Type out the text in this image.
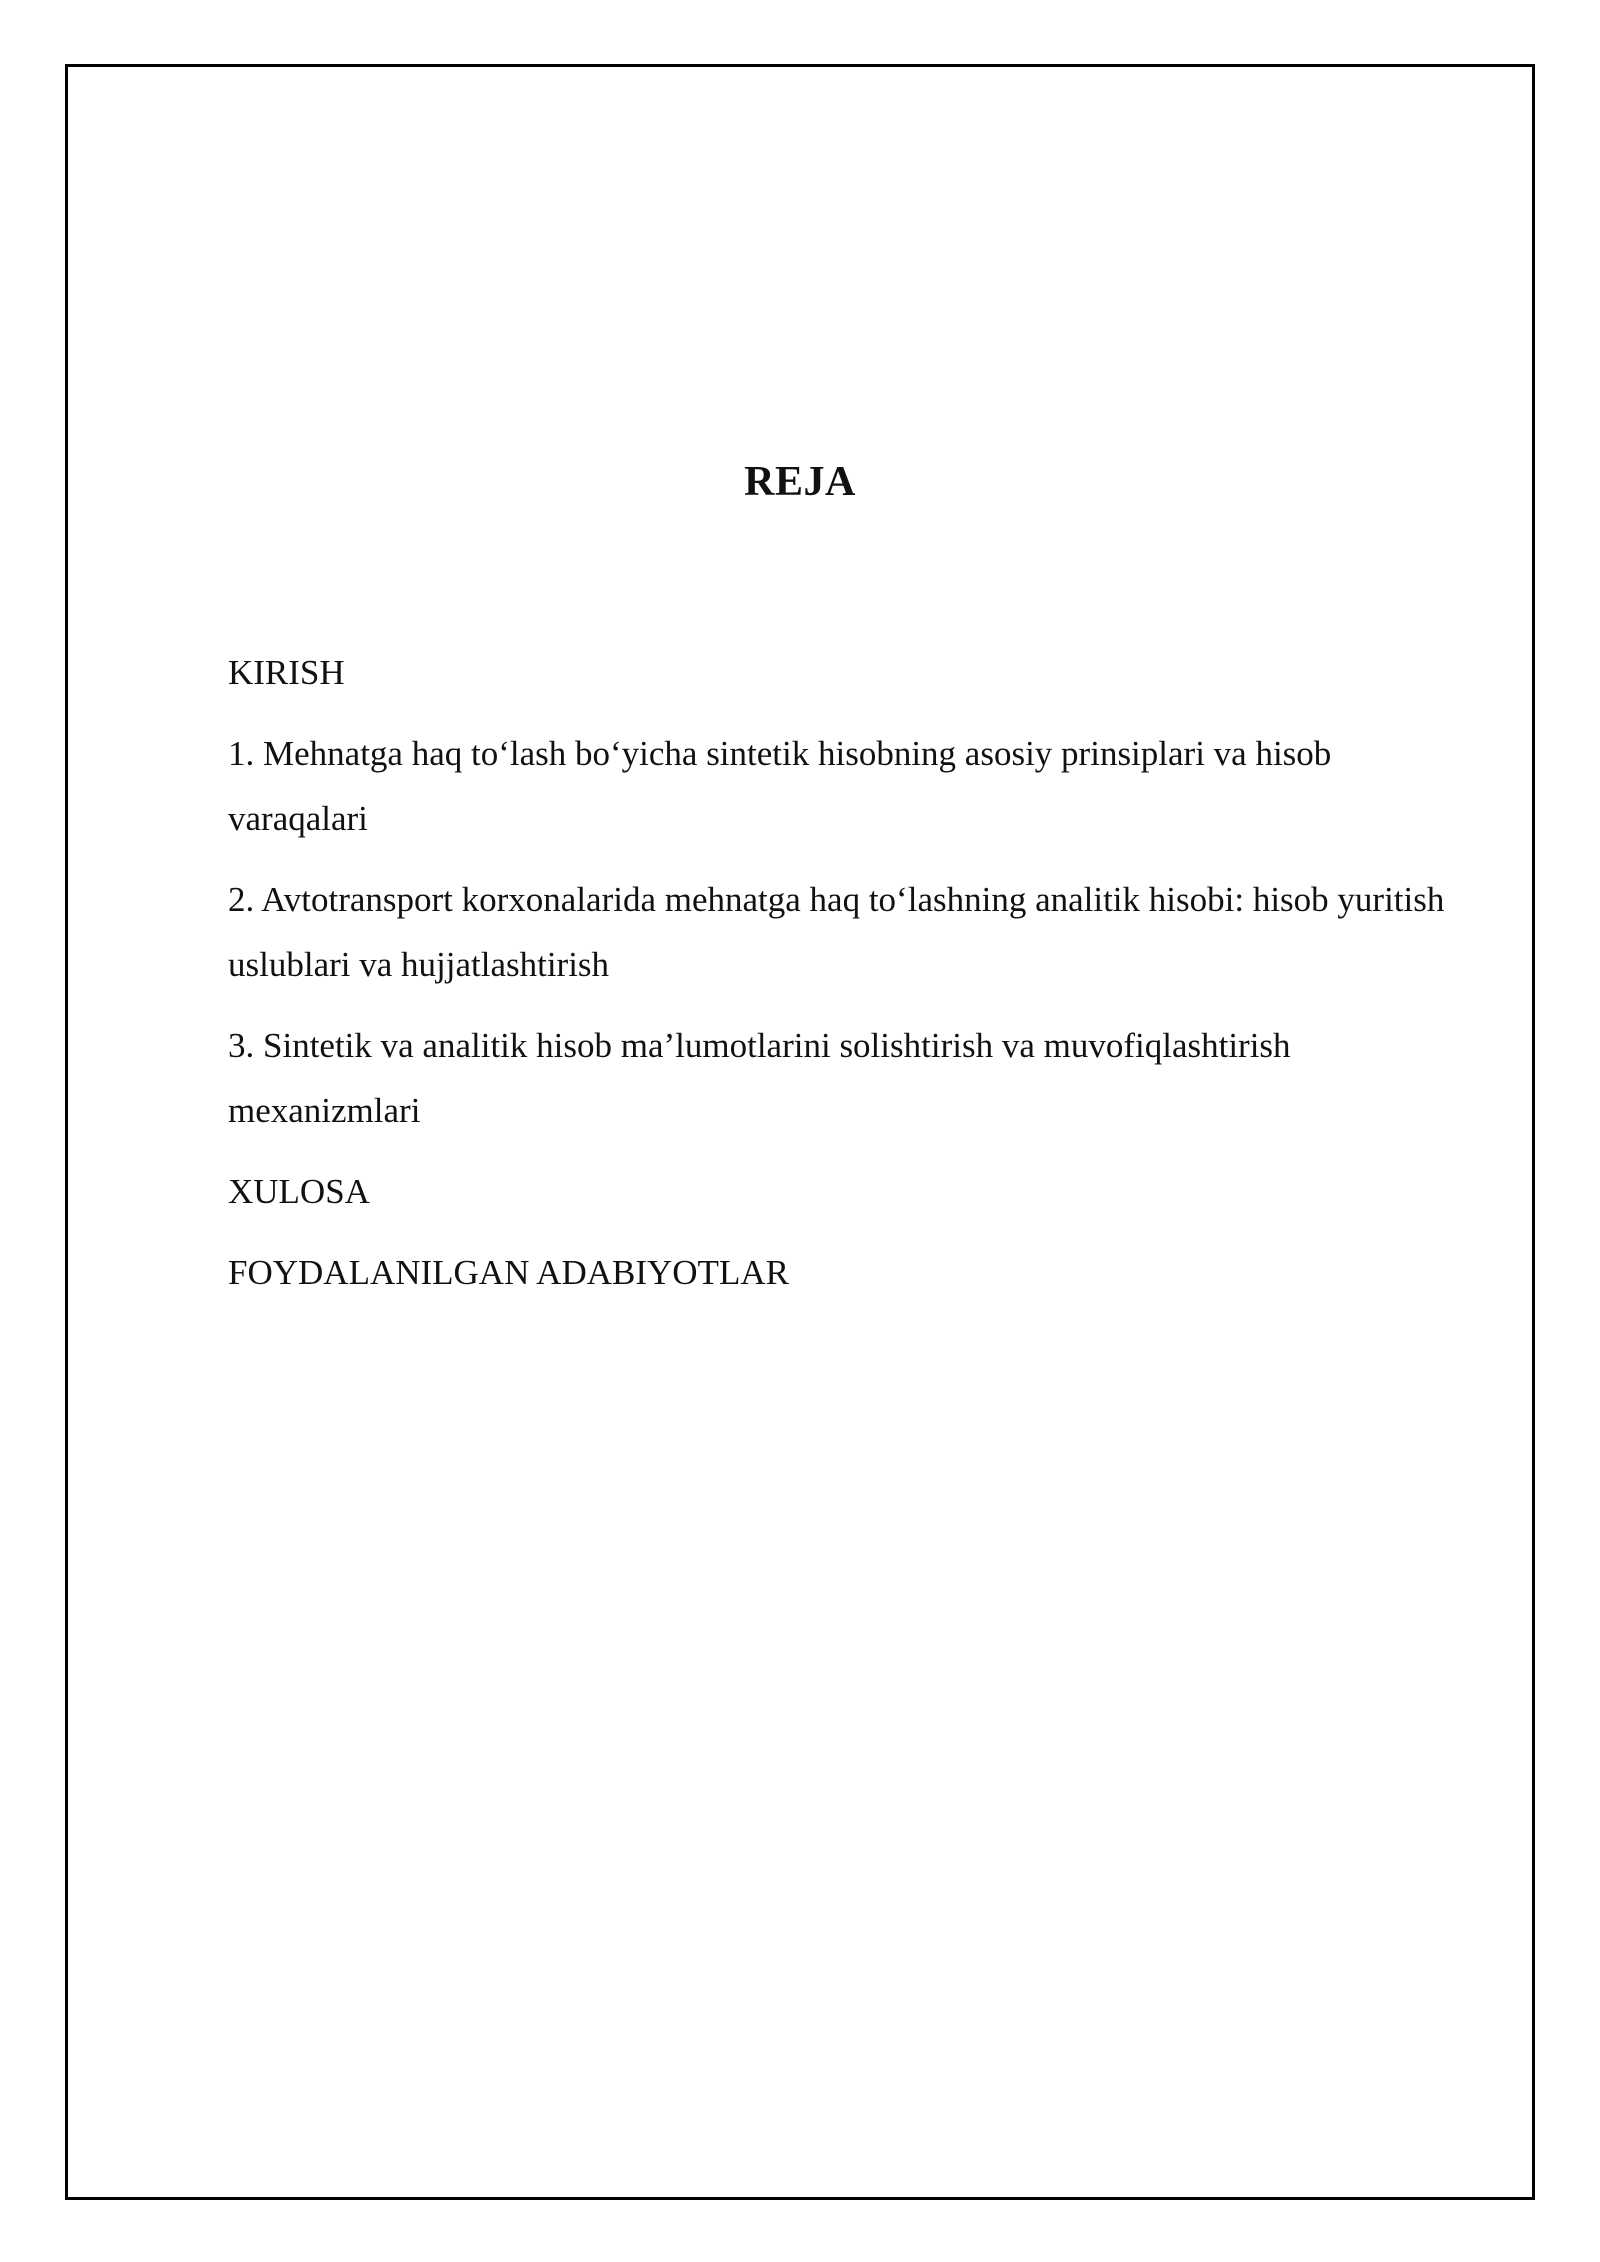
REJA
KIRISH
1. Mehnatga haq to‘lash bo‘yicha sintetik hisobning asosiy prinsiplari va hisob varaqalari
2. Avtotransport korxonalarida mehnatga haq to‘lashning analitik hisobi: hisob yuritish uslublari va hujjatlashtirish
3. Sintetik va analitik hisob ma’lumotlarini solishtirish va muvofiqlashtirish mexanizmlari
XULOSA
FOYDALANILGAN ADABIYOTLAR
